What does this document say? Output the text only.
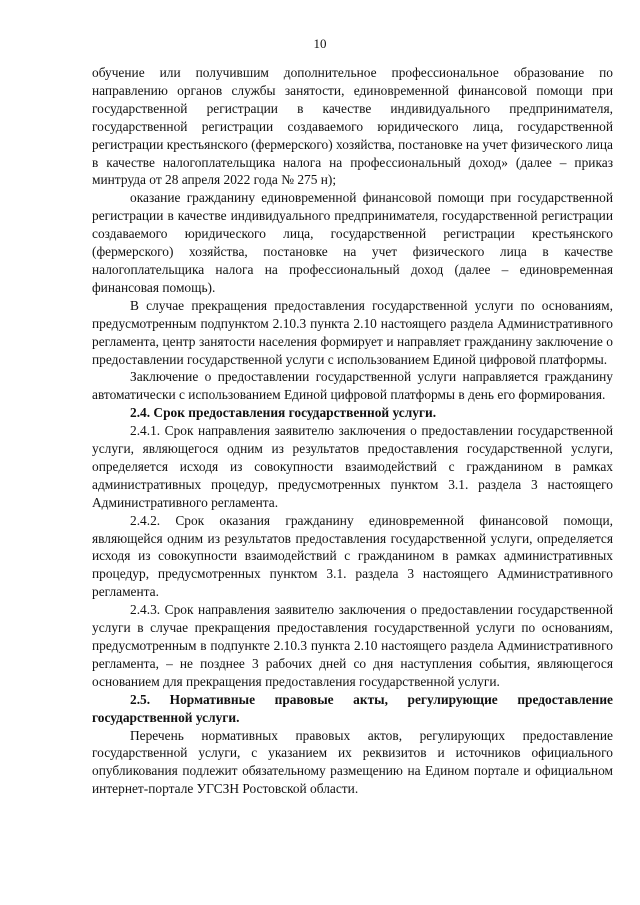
10

обучение или получившим дополнительное профессиональное образование по направлению органов службы занятости, единовременной финансовой помощи при государственной регистрации в качестве индивидуального предпринимателя, государственной регистрации создаваемого юридического лица, государственной регистрации крестьянского (фермерского) хозяйства, постановке на учет физического лица в качестве налогоплательщика налога на профессиональный доход» (далее – приказ минтруда от 28 апреля 2022 года № 275 н);

оказание гражданину единовременной финансовой помощи при государственной регистрации в качестве индивидуального предпринимателя, государственной регистрации создаваемого юридического лица, государственной регистрации крестьянского (фермерского) хозяйства, постановке на учет физического лица в качестве налогоплательщика налога на профессиональный доход (далее – единовременная финансовая помощь).

В случае прекращения предоставления государственной услуги по основаниям, предусмотренным подпунктом 2.10.3 пункта 2.10 настоящего раздела Административного регламента, центр занятости населения формирует и направляет гражданину заключение о предоставлении государственной услуги с использованием Единой цифровой платформы.

Заключение о предоставлении государственной услуги направляется гражданину автоматически с использованием Единой цифровой платформы в день его формирования.

2.4. Срок предоставления государственной услуги.

2.4.1. Срок направления заявителю заключения о предоставлении государственной услуги, являющегося одним из результатов предоставления государственной услуги, определяется исходя из совокупности взаимодействий с гражданином в рамках административных процедур, предусмотренных пунктом 3.1. раздела 3 настоящего Административного регламента.

2.4.2. Срок оказания гражданину единовременной финансовой помощи, являющейся одним из результатов предоставления государственной услуги, определяется исходя из совокупности взаимодействий с гражданином в рамках административных процедур, предусмотренных пунктом 3.1. раздела 3 настоящего Административного регламента.

2.4.3. Срок направления заявителю заключения о предоставлении государственной услуги в случае прекращения предоставления государственной услуги по основаниям, предусмотренным в подпункте 2.10.3 пункта 2.10 настоящего раздела Административного регламента, – не позднее 3 рабочих дней со дня наступления события, являющегося основанием для прекращения предоставления государственной услуги.

2.5. Нормативные правовые акты, регулирующие предоставление государственной услуги.

Перечень нормативных правовых актов, регулирующих предоставление государственной услуги, с указанием их реквизитов и источников официального опубликования подлежит обязательному размещению на Едином портале и официальном интернет-портале УГСЗН Ростовской области.
